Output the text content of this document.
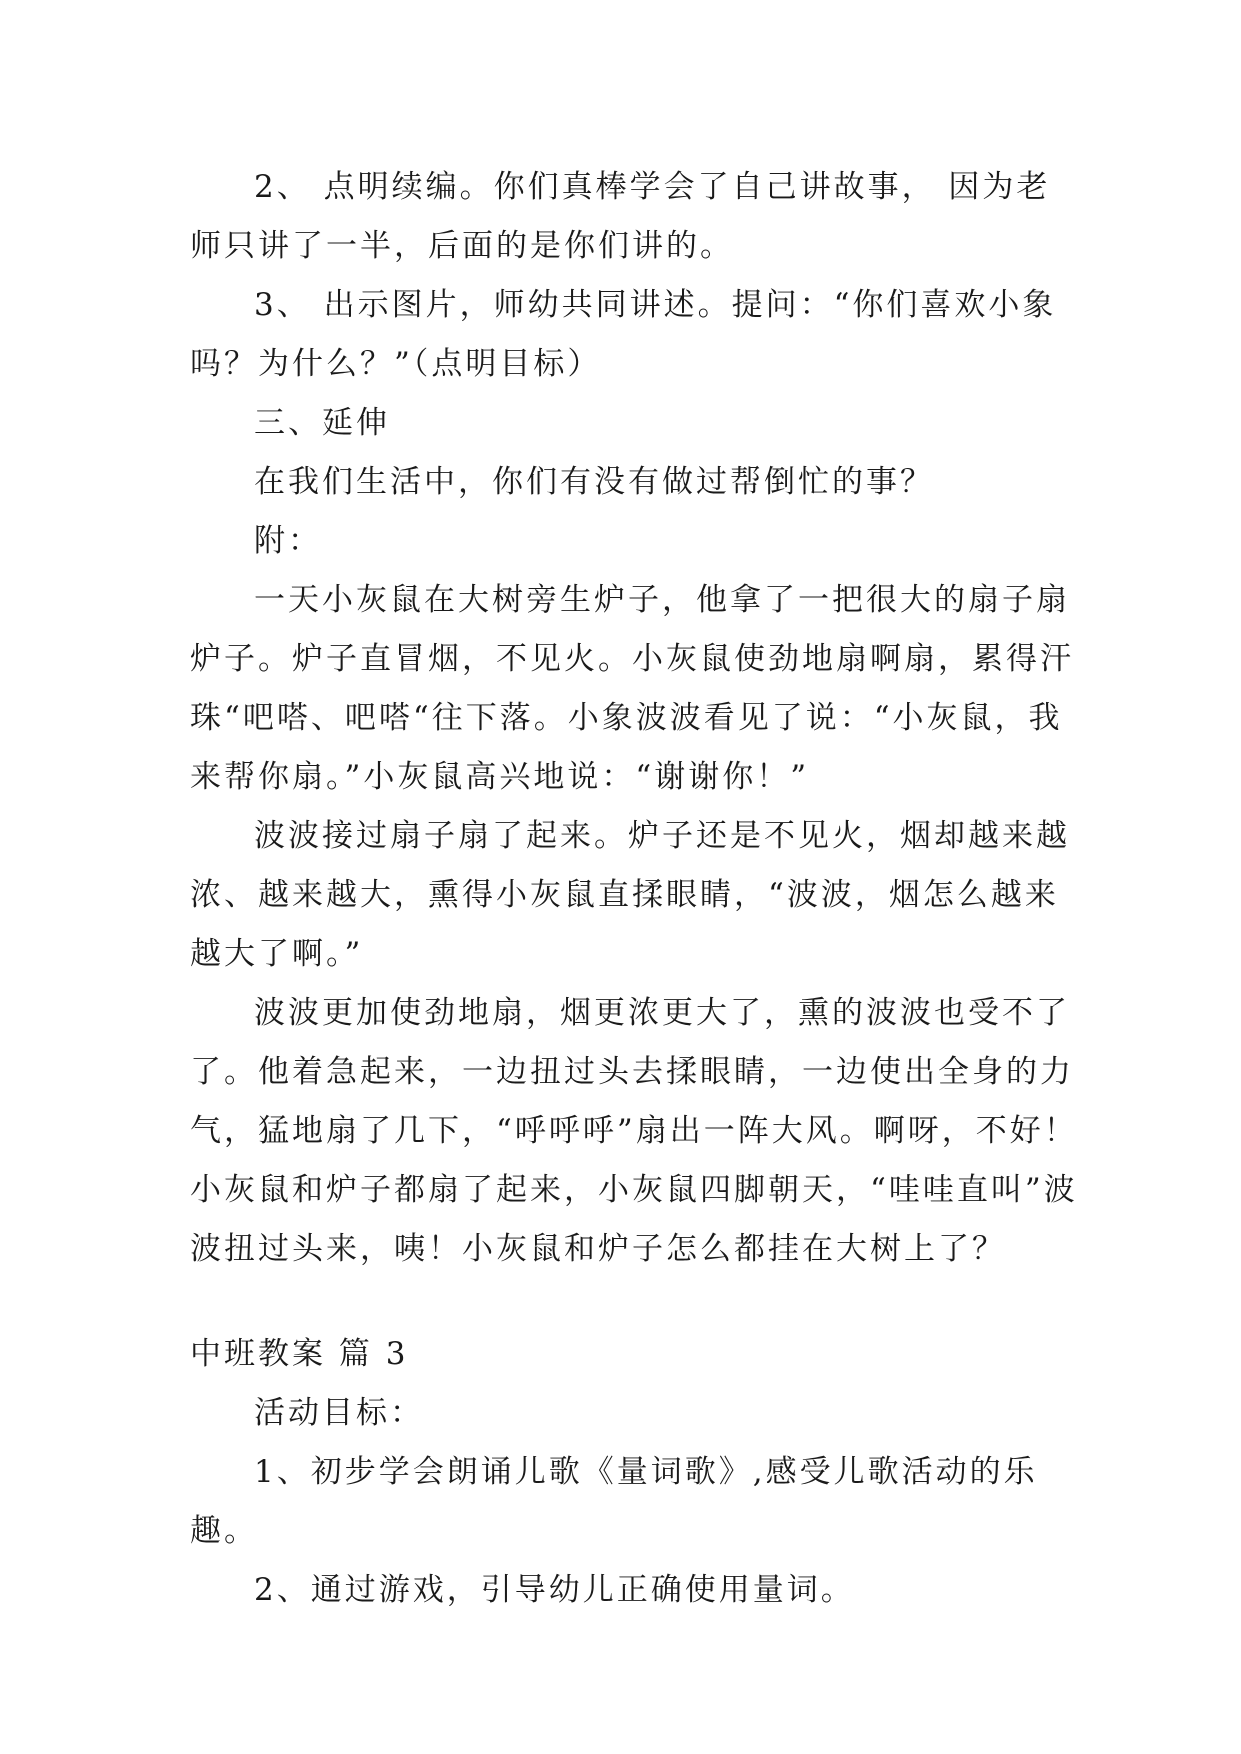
2、 点明续编。你们真棒学会了自己讲故事， 因为老师只讲了一半，后面的是你们讲的。

3、 出示图片，师幼共同讲述。提问：“你们喜欢小象吗？为什么？”（点明目标）

三、延伸

在我们生活中，你们有没有做过帮倒忙的事？

附：

一天小灰鼠在大树旁生炉子，他拿了一把很大的扇子扇炉子。炉子直冒烟，不见火。小灰鼠使劲地扇啊扇，累得汗珠“吧嗒、吧嗒“往下落。小象波波看见了说：“小灰鼠，我来帮你扇。”小灰鼠高兴地说：“谢谢你！”

波波接过扇子扇了起来。炉子还是不见火，烟却越来越浓、越来越大，熏得小灰鼠直揉眼睛，“波波，烟怎么越来越大了啊。”

波波更加使劲地扇，烟更浓更大了，熏的波波也受不了了。他着急起来，一边扭过头去揉眼睛，一边使出全身的力气，猛地扇了几下，“呼呼呼”扇出一阵大风。啊呀，不好！小灰鼠和炉子都扇了起来，小灰鼠四脚朝天，“哇哇直叫”波波扭过头来，咦！小灰鼠和炉子怎么都挂在大树上了？

中班教案 篇 3

活动目标：

1、初步学会朗诵儿歌《量词歌》,感受儿歌活动的乐趣。

2、通过游戏，引导幼儿正确使用量词。
